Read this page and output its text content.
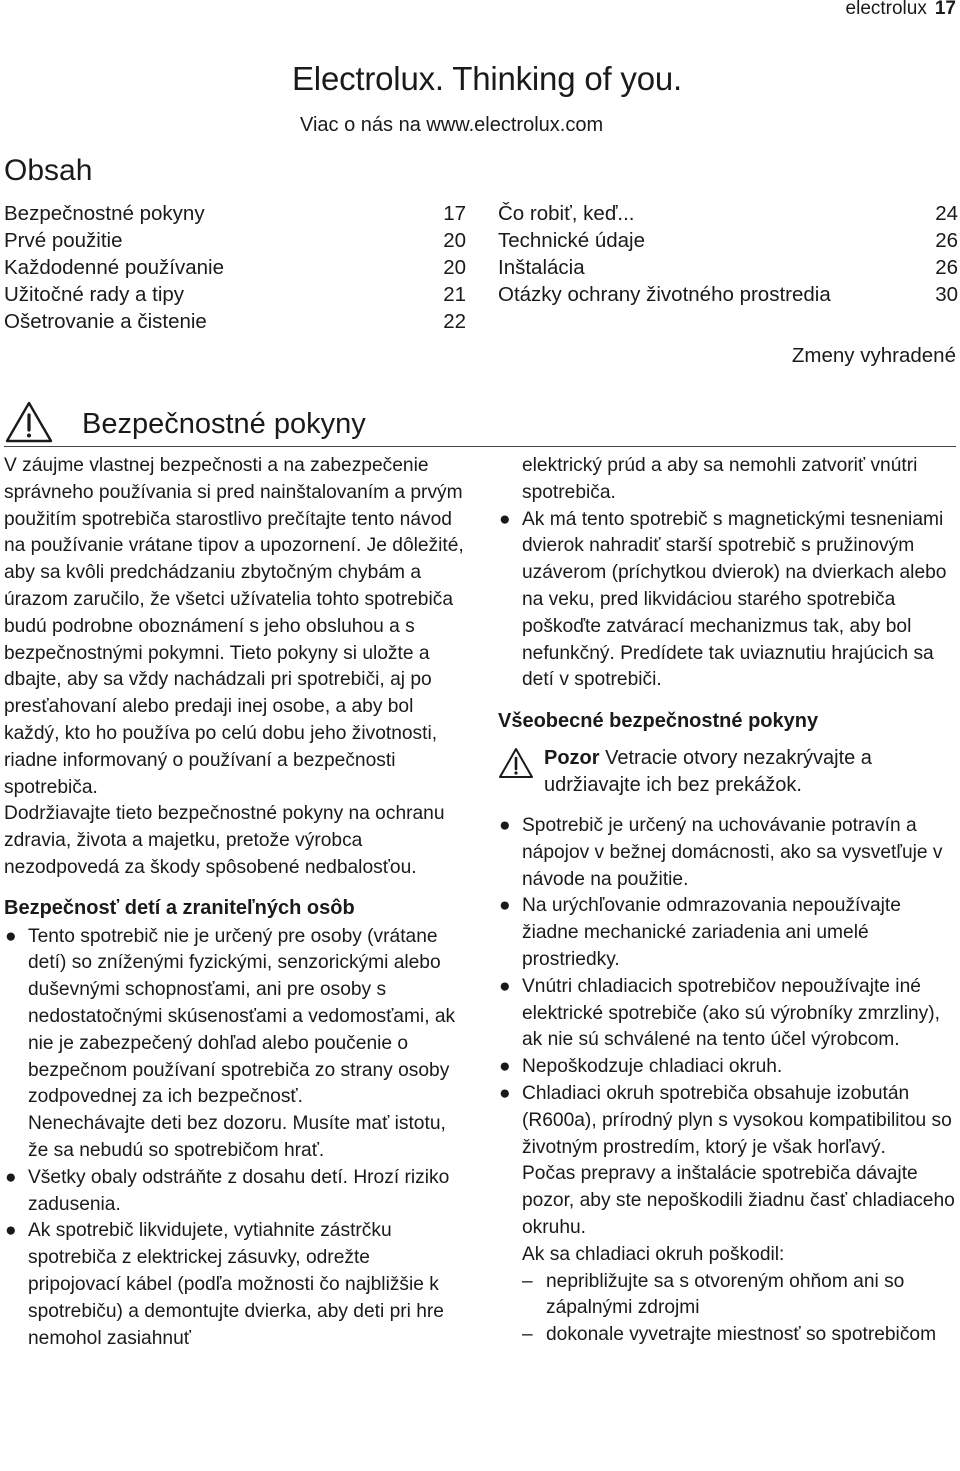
electrolux 17
Electrolux. Thinking of you.
Viac o nás na www.electrolux.com
Obsah
Bezpečnostné pokyny	17
Prvé použitie	20
Každodenné používanie	20
Užitočné rady a tipy	21
Ošetrovanie a čistenie	22
Čo robiť, keď...	24
Technické údaje	26
Inštalácia	26
Otázky ochrany životného prostredia	30
Zmeny vyhradené
Bezpečnostné pokyny

V záujme vlastnej bezpečnosti a na zabezpečenie správneho používania si pred nainštalovaním a prvým použitím spotrebiča starostlivo prečítajte tento návod na používanie vrátane tipov a upozornení. Je dôležité, aby sa kvôli predchádzaniu zbytočným chybám a úrazom zaručilo, že všetci užívatelia tohto spotrebiča budú podrobne oboznámení s jeho obsluhou a s bezpečnostnými pokymni. Tieto pokyny si uložte a dbajte, aby sa vždy nachádzali pri spotrebiči, aj po presťahovaní alebo predaji inej osobe, a aby bol každý, kto ho používa po celú dobu jeho životnosti, riadne informovaný o používaní a bezpečnosti spotrebiča.

Dodržiavajte tieto bezpečnostné pokyny na ochranu zdravia, života a majetku, pretože výrobca nezodpovedá za škody spôsobené nedbalosťou.

Bezpečnosť detí a zraniteľných osôb
● Tento spotrebič nie je určený pre osoby (vrátane detí) so zníženými fyzickými, senzorickými alebo duševnými schopnosťami, ani pre osoby s nedostatočnými skúsenosťami a vedomosťami, ak nie je zabezpečený dohľad alebo poučenie o bezpečnom používaní spotrebiča zo strany osoby zodpovednej za ich bezpečnosť.
Nenechávajte deti bez dozoru. Musíte mať istotu, že sa nebudú so spotrebičom hrať.
● Všetky obaly odstráňte z dosahu detí. Hrozí riziko zadusenia.
● Ak spotrebič likvidujete, vytiahnite zástrčku spotrebiča z elektrickej zásuvky, odrežte pripojovací kábel (podľa možnosti čo najbližšie k spotrebiču) a demontujte dvierka, aby deti pri hre nemohol zasiahnuť

elektrický prúd a aby sa nemohli zatvoriť vnútri spotrebiča.

● Ak má tento spotrebič s magnetickými tesneniami dvierok nahradiť starší spotrebič s pružinovým uzáverom (príchytkou dvierok) na dvierkach alebo na veku, pred likvidáciou starého spotrebiča poškoďte zatvárací mechanizmus tak, aby bol nefunkčný. Predídete tak uviaznutiu hrajúcich sa detí v spotrebiči.
Všeobecné bezpečnostné pokyny
Pozor Vetracie otvory nezakrývajte a udržiavajte ich bez prekážok.
● Spotrebič je určený na uchovávanie potravín a nápojov v bežnej domácnosti, ako sa vysvetľuje v návode na použitie.
● Na urýchľovanie odmrazovania nepoužívajte žiadne mechanické zariadenia ani umelé prostriedky.
● Vnútri chladiacich spotrebičov nepoužívajte iné elektrické spotrebiče (ako sú výrobníky zmrzliny), ak nie sú schválené na tento účel výrobcom.
● Nepoškodzuje chladiaci okruh.
● Chladiaci okruh spotrebiča obsahuje izobután (R600a), prírodný plyn s vysokou kompatibilitou so životným prostredím, ktorý je však horľavý.
Počas prepravy a inštalácie spotrebiča dávajte pozor, aby ste nepoškodili žiadnu časť chladiaceho okruhu.
Ak sa chladiaci okruh poškodil:
– nepribližujte sa s otvoreným ohňom ani so zápalnými zdrojmi
– dokonale vyvetrajte miestnosť so spotrebičom
